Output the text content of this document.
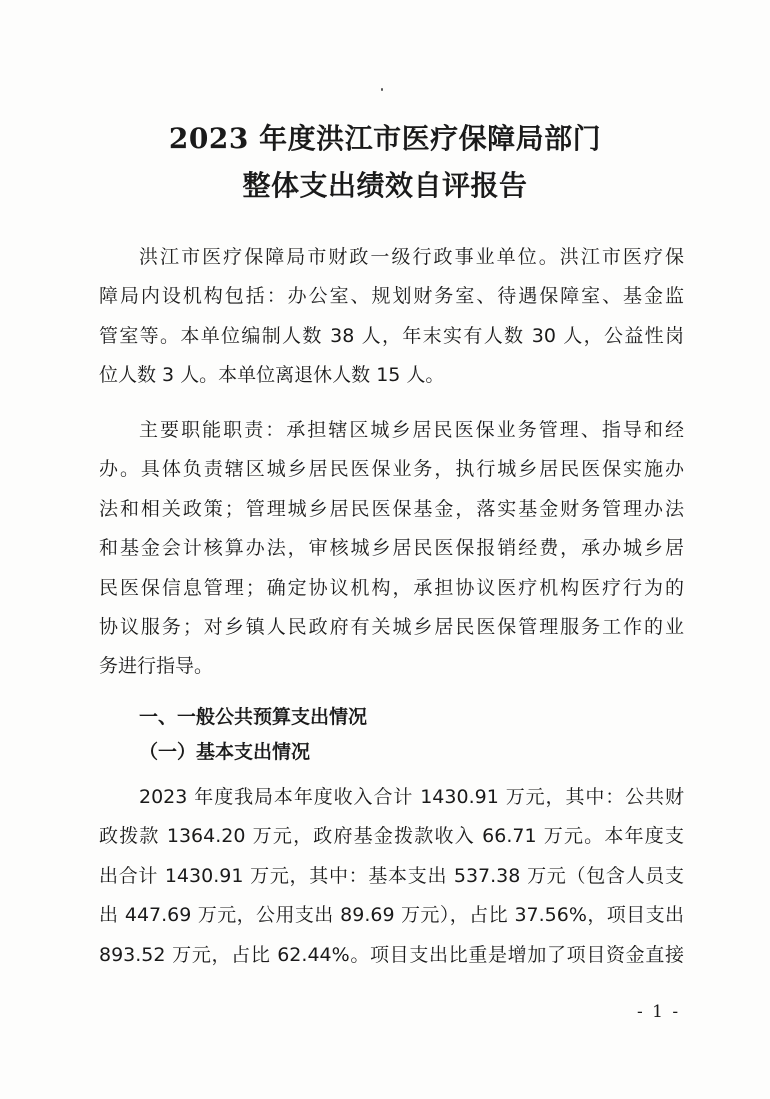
2023 年度洪江市医疗保障局部门
整体支出绩效自评报告
洪江市医疗保障局市财政一级行政事业单位。洪江市医疗保
障局内设机构包括：办公室、规划财务室、待遇保障室、基金监
管室等。本单位编制人数 38 人，年末实有人数 30 人，公益性岗
位人数 3 人。本单位离退休人数 15 人。
主要职能职责：承担辖区城乡居民医保业务管理、指导和经
办。具体负责辖区城乡居民医保业务，执行城乡居民医保实施办
法和相关政策；管理城乡居民医保基金，落实基金财务管理办法
和基金会计核算办法，审核城乡居民医保报销经费，承办城乡居
民医保信息管理；确定协议机构，承担协议医疗机构医疗行为的
协议服务；对乡镇人民政府有关城乡居民医保管理服务工作的业
务进行指导。
一、一般公共预算支出情况
（一）基本支出情况
2023 年度我局本年度收入合计 1430.91 万元，其中：公共财
政拨款 1364.20 万元，政府基金拨款收入 66.71 万元。本年度支
出合计 1430.91 万元，其中：基本支出 537.38 万元（包含人员支
出 447.69 万元，公用支出 89.69 万元），占比 37.56%，项目支出
893.52 万元，占比 62.44%。项目支出比重是增加了项目资金直接
- 1 -
